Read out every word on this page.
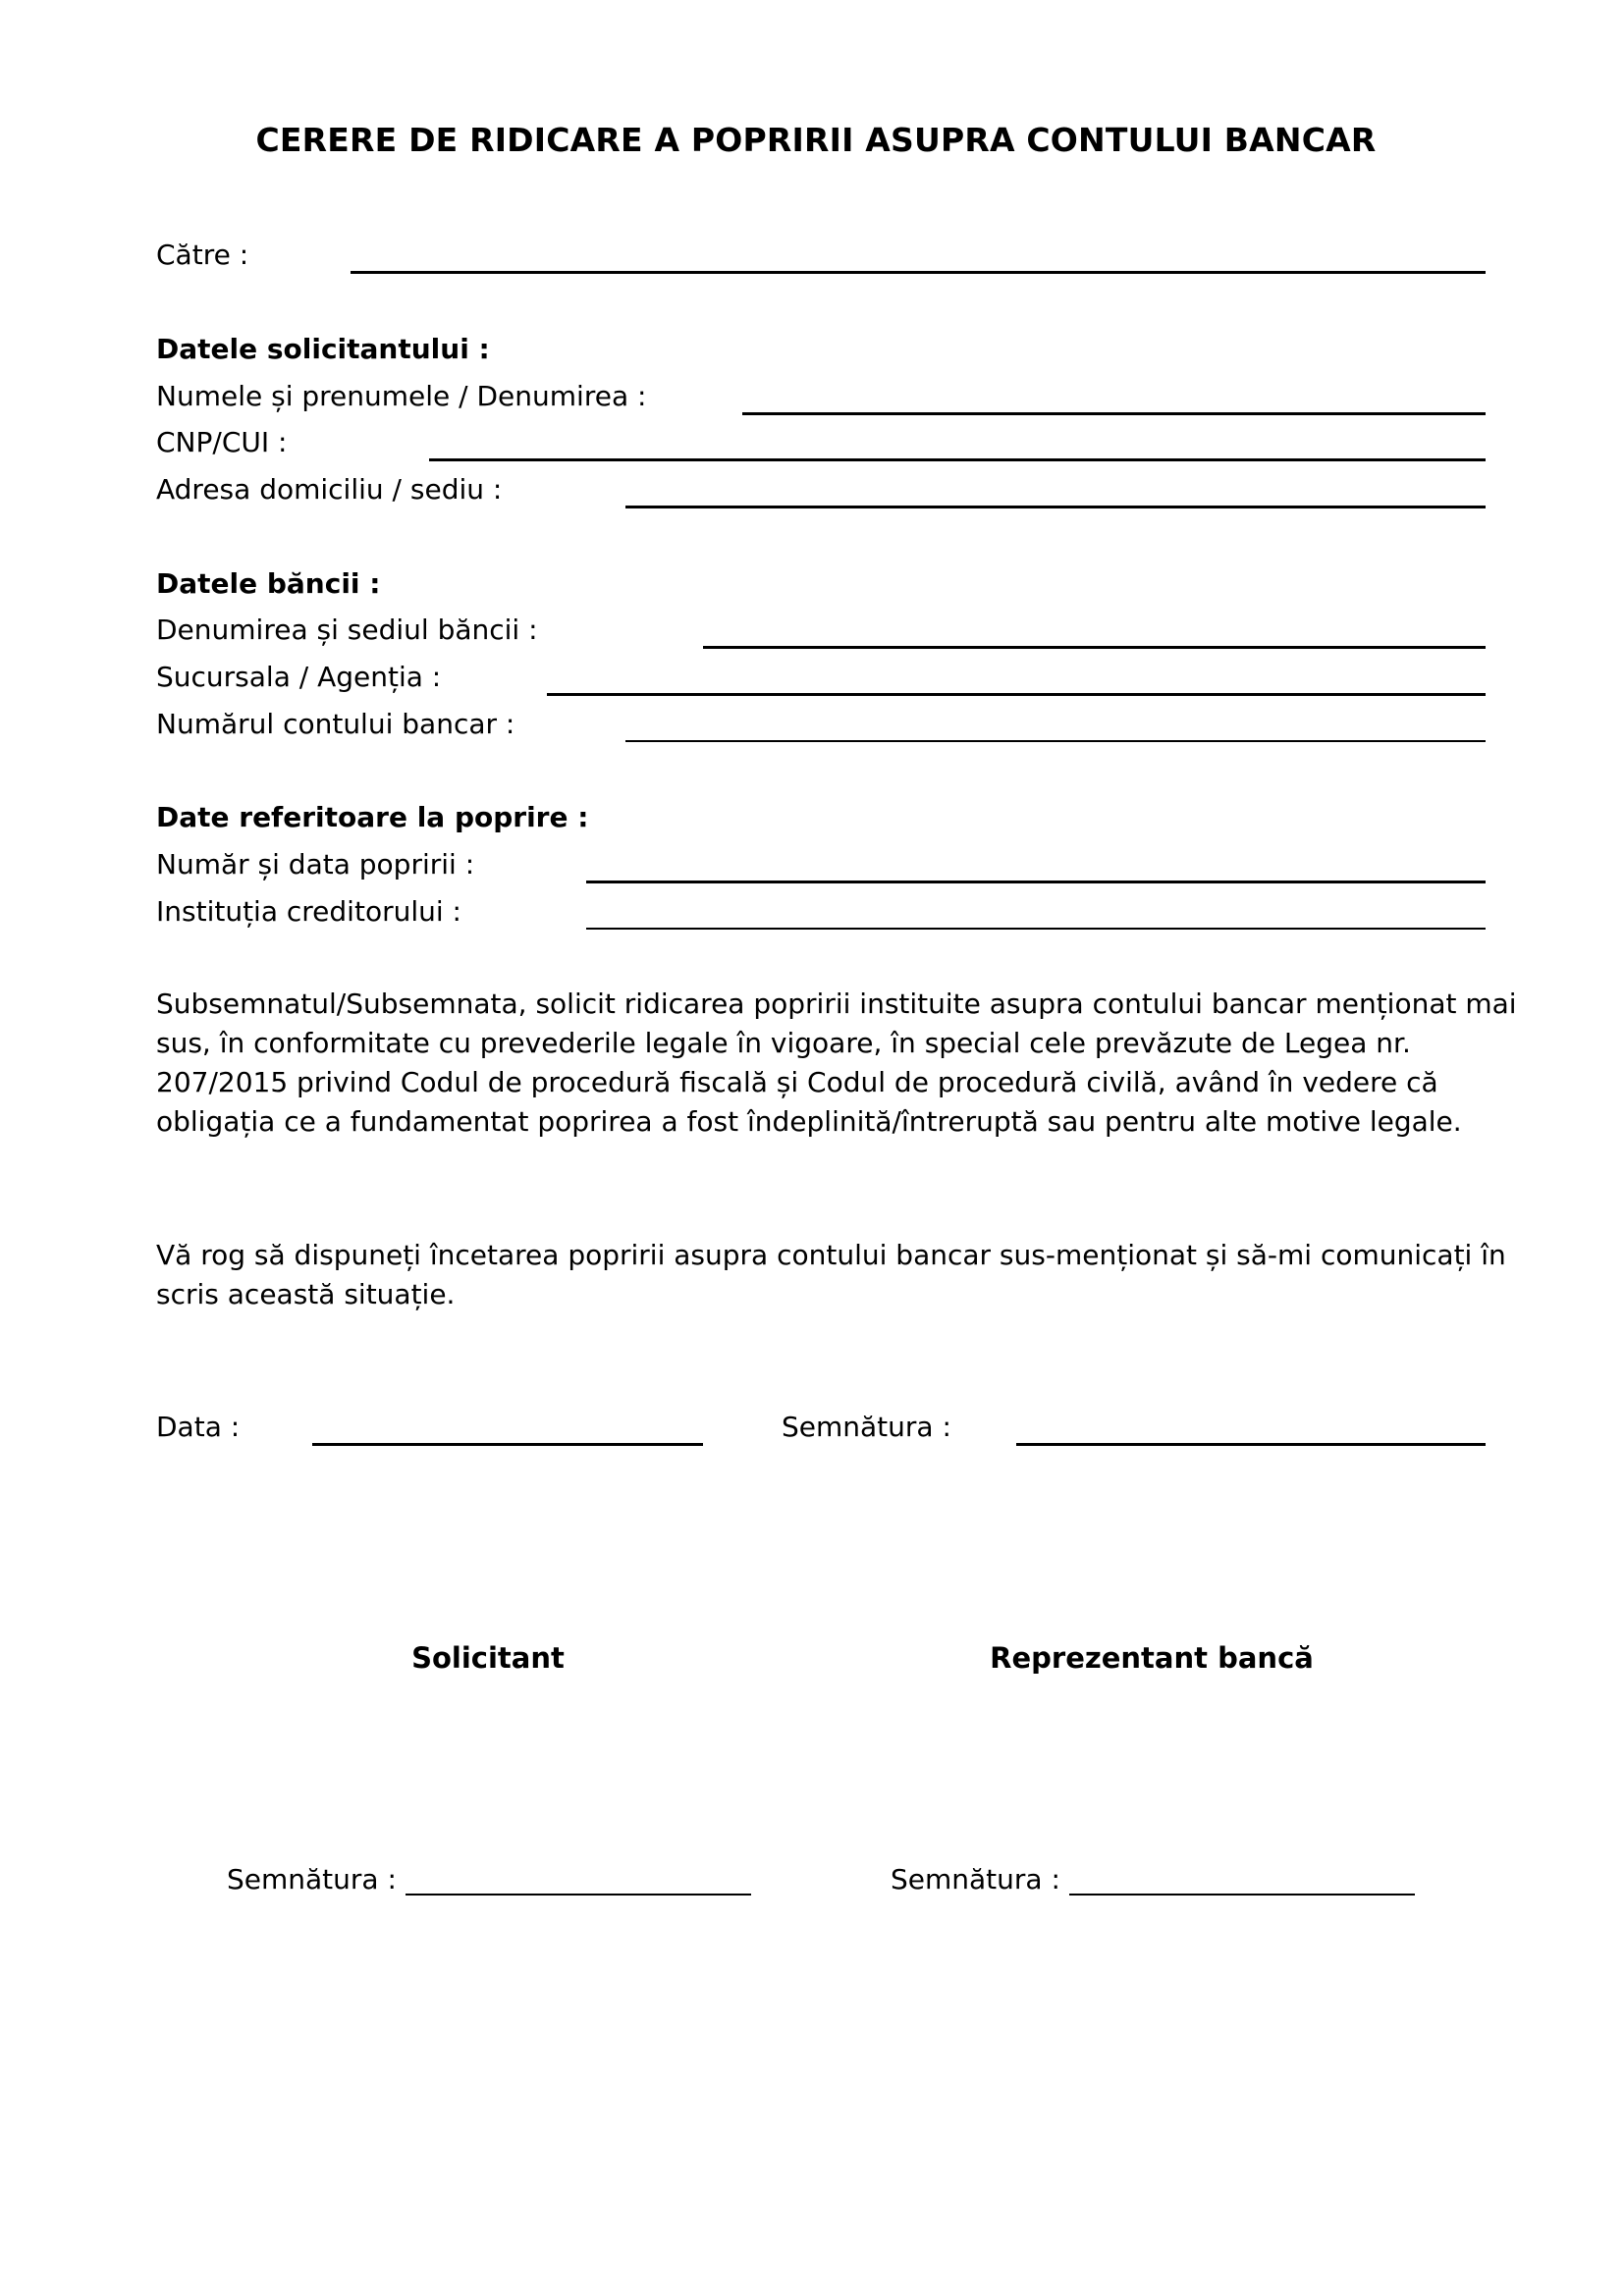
CERERE DE RIDICARE A POPRIRII ASUPRA CONTULUI BANCAR
Către :
Datele solicitantului :
Numele și prenumele / Denumirea :
CNP/CUI :
Adresa domiciliu / sediu :
Datele băncii :
Denumirea și sediul băncii :
Sucursala / Agenția :
Numărul contului bancar :
Date referitoare la poprire :
Număr și data popririi :
Instituția creditorului :
Subsemnatul/Subsemnata, solicit ridicarea popririi instituite asupra contului bancar menționat mai sus, în conformitate cu prevederile legale în vigoare, în special cele prevăzute de Legea nr. 207/2015 privind Codul de procedură fiscală și Codul de procedură civilă, având în vedere că obligația ce a fundamentat poprirea a fost îndeplinită/întreruptă sau pentru alte motive legale.
Vă rog să dispuneți încetarea popririi asupra contului bancar sus-menționat și să-mi comunicați în scris această situație.
Data :	Semnătura :
Solicitant	Reprezentant bancă
Semnătura :	Semnătura :
